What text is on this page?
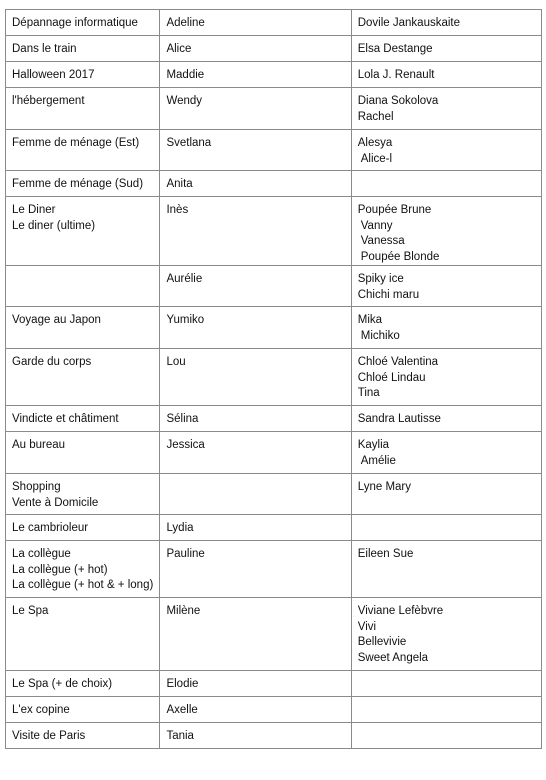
Dépannage informatique	Adeline	Dovile Jankauskaite

Dans le train	Alice	Elsa Destange

Halloween 2017	Maddie	Lola J. Renault

l'hébergement	Wendy	Diana Sokolova
Rachel

Femme de ménage (Est)	Svetlana	Alesya
Alice-l

Femme de ménage (Sud)	Anita	

Le Diner
Le diner (ultime)	Inès	Poupée Brune
Vanny
Vanessa
Poupée Blonde

	Aurélie	Spiky ice
Chichi maru

Voyage au Japon	Yumiko	Mika
Michiko

Garde du corps	Lou	Chloé Valentina
Chloé Lindau
Tina

Vindicte et châtiment	Sélina	Sandra Lautisse

Au bureau	Jessica	Kaylia
Amélie

Shopping
Vente à Domicile		Lyne Mary

Le cambrioleur	Lydia	

La collègue
La collègue (+ hot)
La collègue (+ hot & + long)	Pauline	Eileen Sue

Le Spa	Milène	Viviane Lefèbvre
Vivi
Bellevivie
Sweet Angela

Le Spa (+ de choix)	Elodie	

L'ex copine	Axelle	

Visite de Paris	Tania	
